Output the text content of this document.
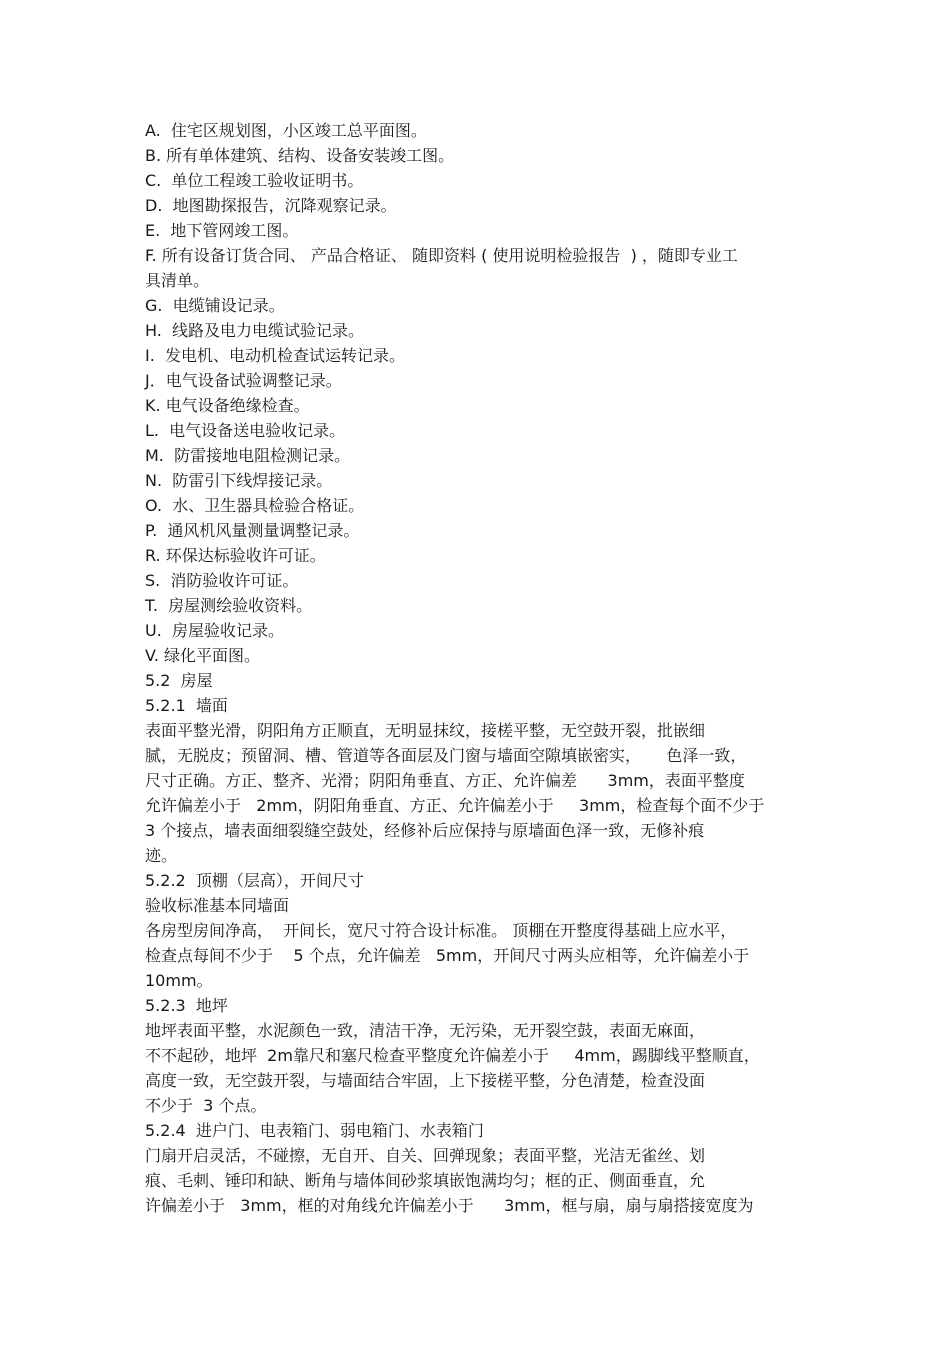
A.  住宅区规划图，小区竣工总平面图。
B. 所有单体建筑、结构、设备安装竣工图。
C.  单位工程竣工验收证明书。
D.  地图勘探报告，沉降观察记录。
E.  地下管网竣工图。
F. 所有设备订货合同、 产品合格证、 随即资料 ( 使用说明检验报告  ) ，随即专业工
具清单。
G.  电缆铺设记录。
H.  线路及电力电缆试验记录。
I.  发电机、电动机检查试运转记录。
J．电气设备试验调整记录。
K. 电气设备绝缘检查。
L.  电气设备送电验收记录。
M.  防雷接地电阻检测记录。
N.  防雷引下线焊接记录。
O.  水、卫生器具检验合格证。
P.  通风机风量测量调整记录。
R. 环保达标验收许可证。
S.  消防验收许可证。
T.  房屋测绘验收资料。
U.  房屋验收记录。
V. 绿化平面图。
5.2  房屋
5.2.1  墙面
表面平整光滑，阴阳角方正顺直，无明显抹纹，接槎平整，无空鼓开裂，批嵌细
腻，无脱皮；预留洞、槽、管道等各面层及门窗与墙面空隙填嵌密实，     色泽一致，
尺寸正确。方正、整齐、光滑；阴阳角垂直、方正、允许偏差      3mm，表面平整度
允许偏差小于   2mm，阴阳角垂直、方正、允许偏差小于     3mm，检查每个面不少于
3 个接点，墙表面细裂缝空鼓处，经修补后应保持与原墙面色泽一致，无修补痕
迹。
5.2.2  顶棚（层高），开间尺寸
验收标准基本同墙面
各房型房间净高，  开间长，宽尺寸符合设计标准。 顶棚在开整度得基础上应水平，
检查点每间不少于    5 个点，允许偏差   5mm，开间尺寸两头应相等，允许偏差小于
10mm。
5.2.3  地坪
地坪表面平整，水泥颜色一致，清洁干净，无污染，无开裂空鼓，表面无麻面，
不不起砂，地坪  2m靠尺和塞尺检查平整度允许偏差小于     4mm，踢脚线平整顺直，
高度一致，无空鼓开裂，与墙面结合牢固，上下接槎平整，分色清楚，检查没面
不少于  3 个点。
5.2.4  进户门、电表箱门、弱电箱门、水表箱门
门扇开启灵活，不碰擦，无自开、自关、回弹现象；表面平整，光洁无雀丝、划
痕、毛刺、锤印和缺、断角与墙体间砂浆填嵌饱满均匀；框的正、侧面垂直，允
许偏差小于   3mm，框的对角线允许偏差小于      3mm，框与扇，扇与扇搭接宽度为
